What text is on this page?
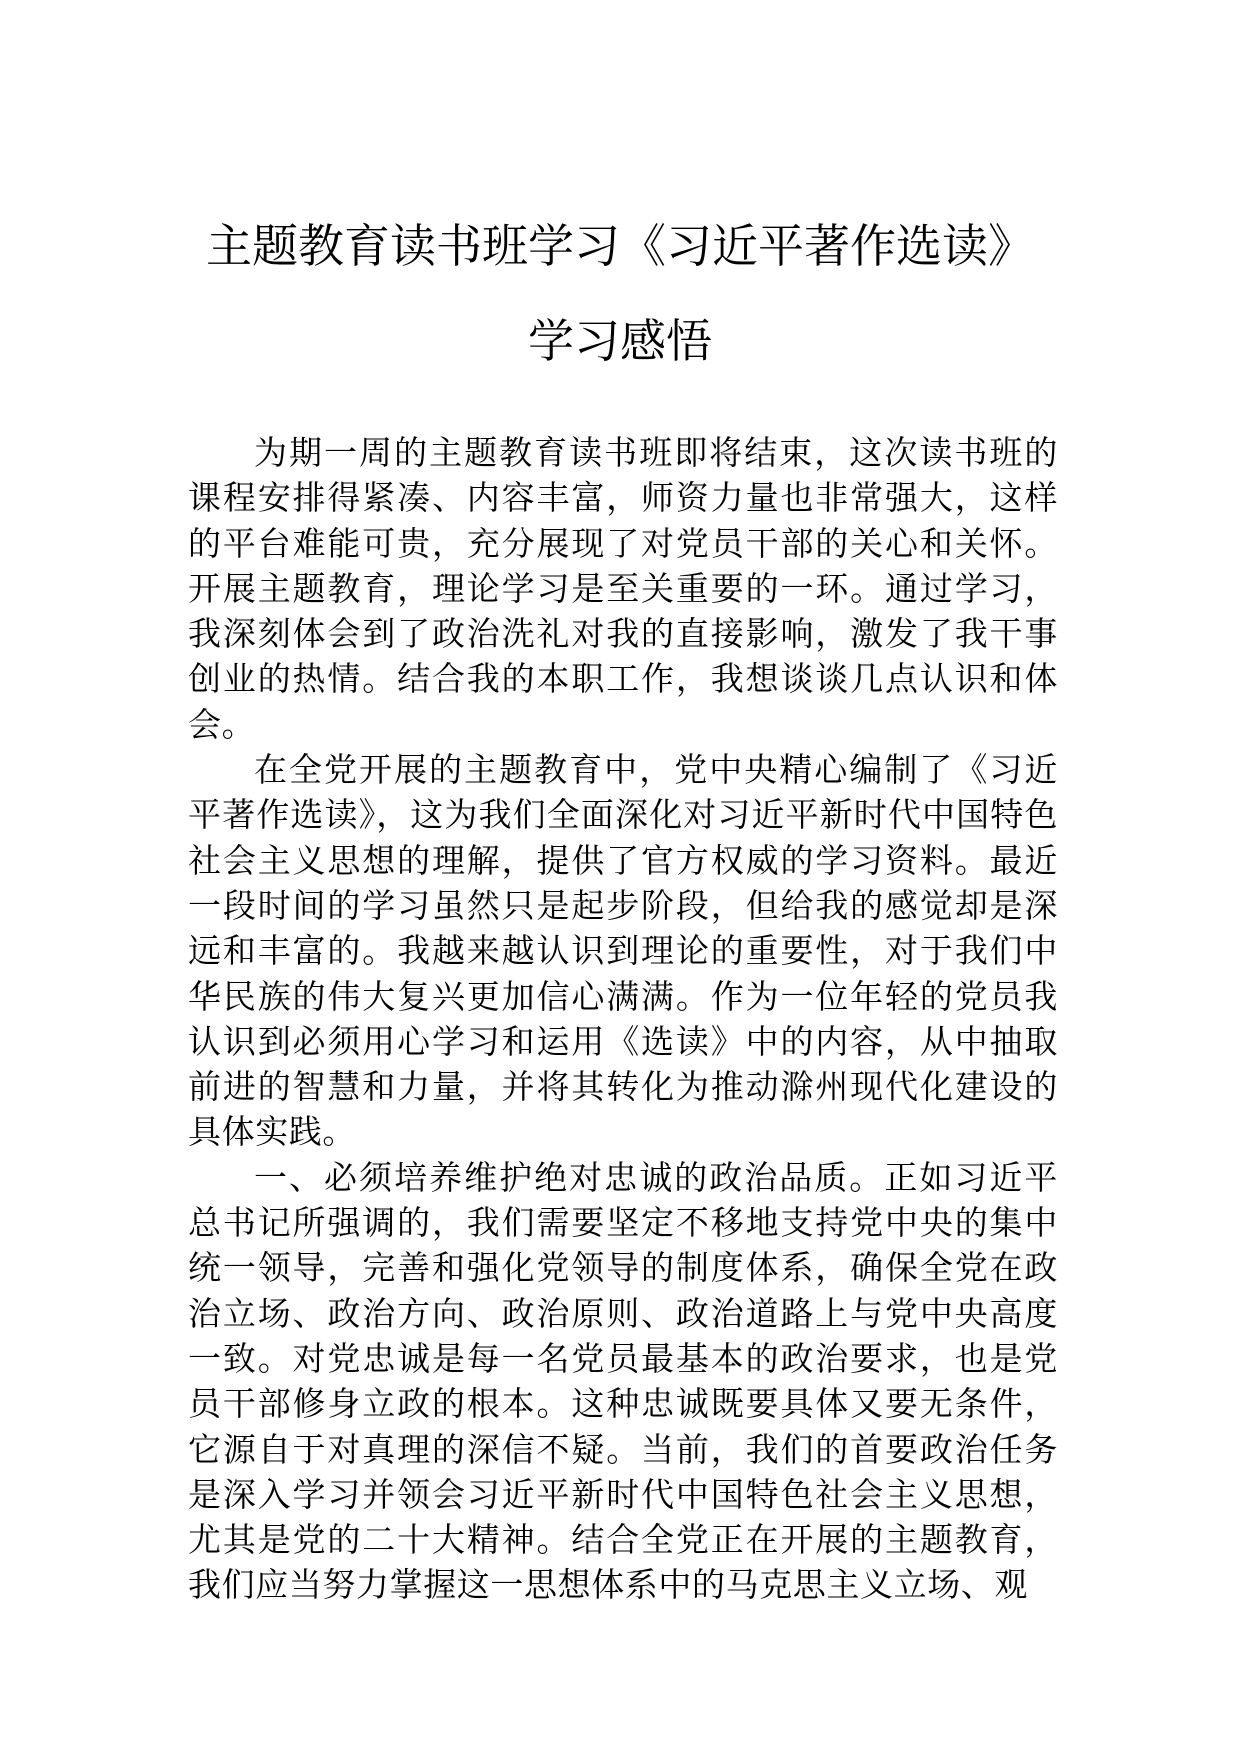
主题教育读书班学习《习近平著作选读》
学习感悟

为期一周的主题教育读书班即将结束，这次读书班的课程安排得紧凑、内容丰富，师资力量也非常强大，这样的平台难能可贵，充分展现了对党员干部的关心和关怀。开展主题教育，理论学习是至关重要的一环。通过学习，我深刻体会到了政治洗礼对我的直接影响，激发了我干事创业的热情。结合我的本职工作，我想谈谈几点认识和体会。

在全党开展的主题教育中，党中央精心编制了《习近平著作选读》，这为我们全面深化对习近平新时代中国特色社会主义思想的理解，提供了官方权威的学习资料。最近一段时间的学习虽然只是起步阶段，但给我的感觉却是深远和丰富的。我越来越认识到理论的重要性，对于我们中华民族的伟大复兴更加信心满满。作为一位年轻的党员我认识到必须用心学习和运用《选读》中的内容，从中抽取前进的智慧和力量，并将其转化为推动滁州现代化建设的具体实践。

一、必须培养维护绝对忠诚的政治品质。正如习近平总书记所强调的，我们需要坚定不移地支持党中央的集中统一领导，完善和强化党领导的制度体系，确保全党在政治立场、政治方向、政治原则、政治道路上与党中央高度一致。对党忠诚是每一名党员最基本的政治要求，也是党员干部修身立政的根本。这种忠诚既要具体又要无条件，它源自于对真理的深信不疑。当前，我们的首要政治任务是深入学习并领会习近平新时代中国特色社会主义思想，尤其是党的二十大精神。结合全党正在开展的主题教育，我们应当努力掌握这一思想体系中的马克思主义立场、观
